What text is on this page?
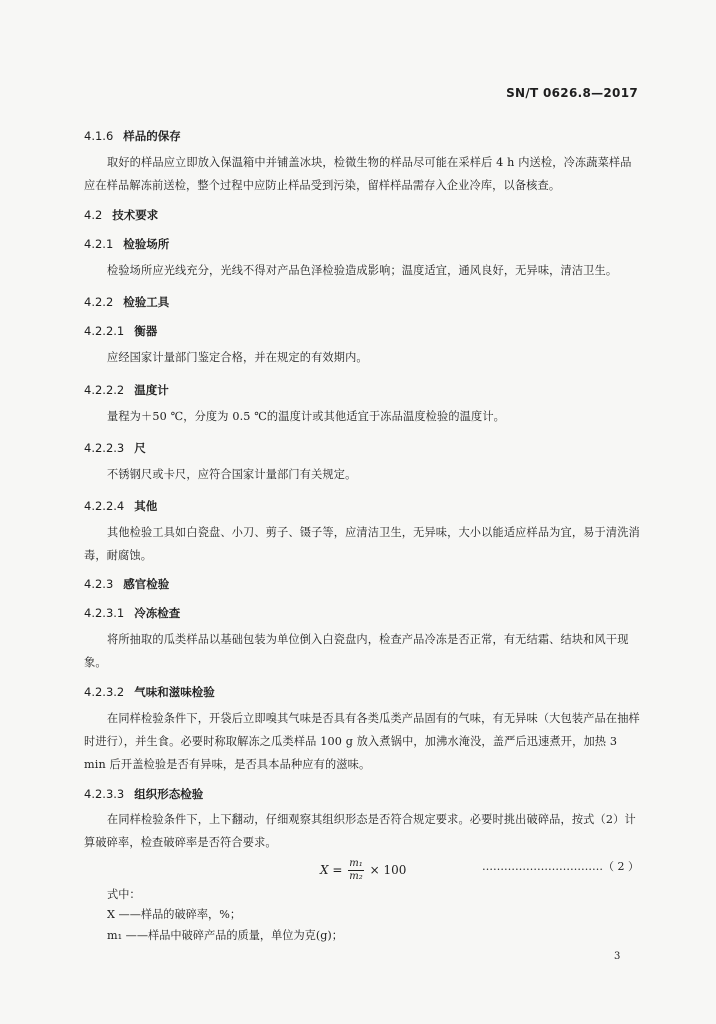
SN/T 0626.8—2017
4.1.6 样品的保存
取好的样品应立即放入保温箱中并铺盖冰块，检微生物的样品尽可能在采样后 4 h 内送检，冷冻蔬菜样品应在样品解冻前送检，整个过程中应防止样品受到污染，留样样品需存入企业冷库，以备核查。
4.2 技术要求
4.2.1 检验场所
检验场所应光线充分，光线不得对产品色泽检验造成影响；温度适宜，通风良好，无异味，清洁卫生。
4.2.2 检验工具
4.2.2.1 衡器
应经国家计量部门鉴定合格，并在规定的有效期内。
4.2.2.2 温度计
量程为＋50 ℃，分度为 0.5 ℃的温度计或其他适宜于冻品温度检验的温度计。
4.2.2.3 尺
不锈钢尺或卡尺，应符合国家计量部门有关规定。
4.2.2.4 其他
其他检验工具如白瓷盘、小刀、剪子、镊子等，应清洁卫生，无异味，大小以能适应样品为宜，易于清洗消毒，耐腐蚀。
4.2.3 感官检验
4.2.3.1 冷冻检查
将所抽取的瓜类样品以基础包装为单位倒入白瓷盘内，检查产品冷冻是否正常，有无结霜、结块和风干现象。
4.2.3.2 气味和滋味检验
在同样检验条件下，开袋后立即嗅其气味是否具有各类瓜类产品固有的气味，有无异味（大包装产品在抽样时进行），并生食。必要时称取解冻之瓜类样品 100 g 放入煮锅中，加沸水淹没，盖严后迅速煮开，加热 3 min 后开盖检验是否有异味，是否具本品种应有的滋味。
4.2.3.3 组织形态检验
在同样检验条件下，上下翻动，仔细观察其组织形态是否符合规定要求。必要时挑出破碎品，按式（2）计算破碎率，检查破碎率是否符合要求。
$X = \frac{\text{m₁}}{\text{m₂}} \times 100$	……………………………（ 2 ）
式中：
X ——样品的破碎率，%；
m₁ ——样品中破碎产品的质量，单位为克(g)；
3
